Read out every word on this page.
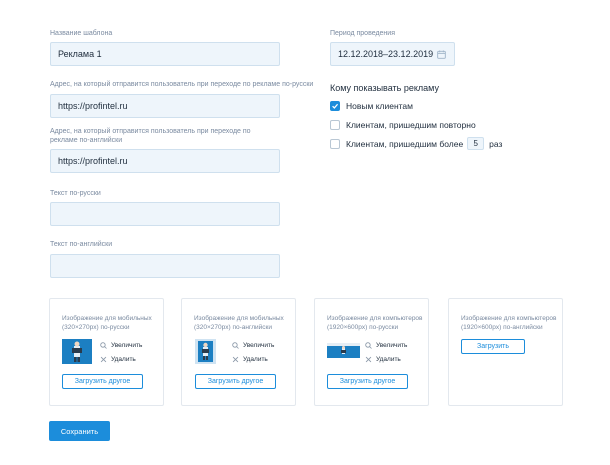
Название шаблона
Реклама 1
Адрес, на который отправится пользователь при переходе по рекламе по-русски
https://profintel.ru
Адрес, на который отправится пользователь при переходе по рекламе по-английски
https://profintel.ru
Текст по-русски
Текст по-английски
Период проведения
12.12.2018–23.12.2019
Кому показывать рекламу
Новым клиентам
Клиентам, пришедшим повторно
Клиентам, пришедшим более	5	раз
Изображение для мобильных (320×270px) по-русски
Увеличить
Удалить
Загрузить другое
Изображение для мобильных (320×270px) по-английски
Увеличить
Удалить
Загрузить другое
Изображение для компьютеров (1920×600px) по-русски
Увеличить
Удалить
Загрузить другое
Изображение для компьютеров (1920×600px) по-английски
Загрузить
Сохранить
